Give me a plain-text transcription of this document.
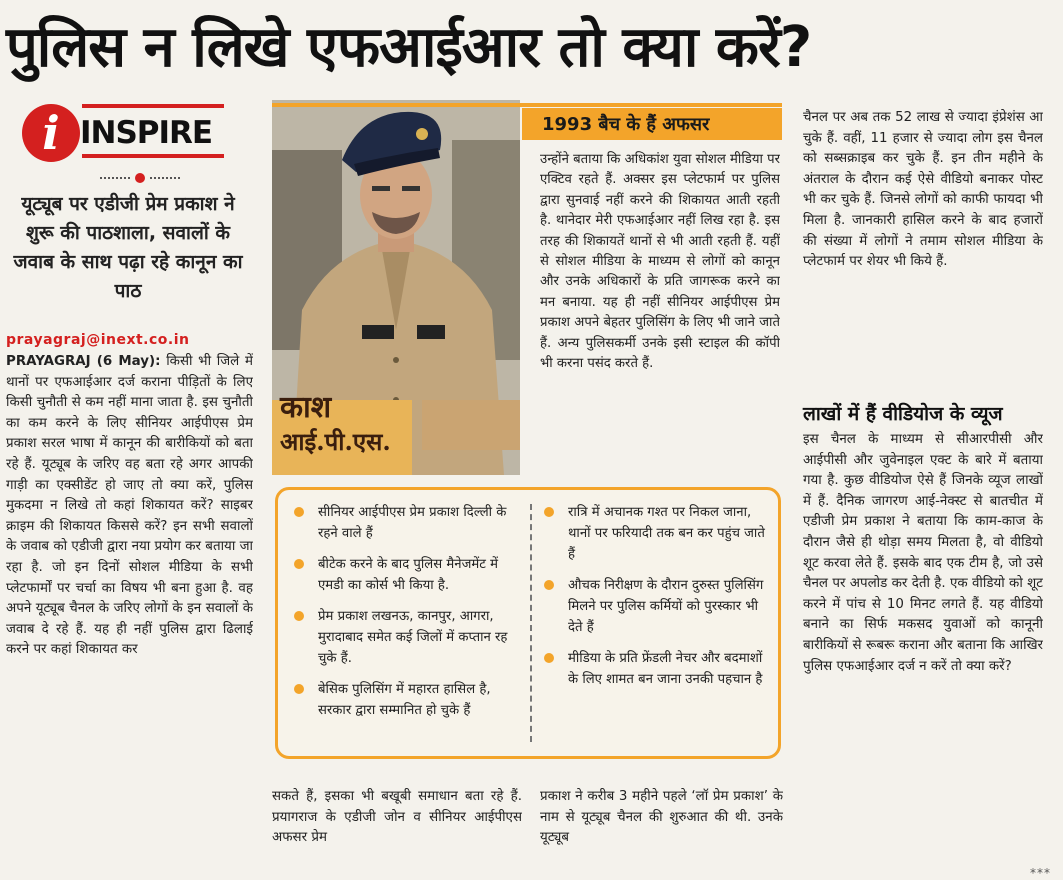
पुलिस न लिखे एफआईआर तो क्या करें?
i INSPIRE
यूट्यूब पर एडीजी प्रेम प्रकाश ने शुरू की पाठशाला, सवालों के जवाब के साथ पढ़ा रहे कानून का पाठ
prayagraj@inext.co.in
PRAYAGRAJ (6 May): किसी भी जिले में थानों पर एफआईआर दर्ज कराना पीड़ितों के लिए किसी चुनौती से कम नहीं माना जाता है. इस चुनौती का कम करने के लिए सीनियर आईपीएस प्रेम प्रकाश सरल भाषा में कानून की बारीकियों को बता रहे हैं. यूट्यूब के जरिए वह बता रहे अगर आपकी गाड़ी का एक्सीडेंट हो जाए तो क्या करें, पुलिस मुकदमा न लिखे तो कहां शिकायत करें? साइबर क्राइम की शिकायत किससे करें? इन सभी सवालों के जवाब को एडीजी द्वारा नया प्रयोग कर बताया जा रहा है. जो इन दिनों सोशल मीडिया के सभी प्लेटफार्मों पर चर्चा का विषय भी बना हुआ है. वह अपने यूट्यूब चैनल के जरिए लोगों के इन सवालों के जवाब दे रहे हैं. यह ही नहीं पुलिस द्वारा ढिलाई करने पर कहां शिकायत कर
काश
आई.पी.एस.
1993 बैच के हैं अफसर
उन्होंने बताया कि अधिकांश युवा सोशल मीडिया पर एक्टिव रहते हैं. अक्सर इस प्लेटफार्म पर पुलिस द्वारा सुनवाई नहीं करने की शिकायत आती रहती है. थानेदार मेरी एफआईआर नहीं लिख रहा है. इस तरह की शिकायतें थानों से भी आती रहती हैं. यहीं से सोशल मीडिया के माध्यम से लोगों को कानून और उनके अधिकारों के प्रति जागरूक करने का मन बनाया. यह ही नहीं सीनियर आईपीएस प्रेम प्रकाश अपने बेहतर पुलिसिंग के लिए भी जाने जाते हैं. अन्य पुलिसकर्मी उनके इसी स्टाइल की कॉपी भी करना पसंद करते हैं.
सीनियर आईपीएस प्रेम प्रकाश दिल्ली के रहने वाले हैं
बीटेक करने के बाद पुलिस मैनेजमेंट में एमडी का कोर्स भी किया है.
प्रेम प्रकाश लखनऊ, कानपुर, आगरा, मुरादाबाद समेत कई जिलों में कप्तान रह चुके हैं.
बेसिक पुलिसिंग में महारत हासिल है, सरकार द्वारा सम्मानित हो चुके हैं
रात्रि में अचानक गश्त पर निकल जाना, थानों पर फरियादी तक बन कर पहुंच जाते हैं
औचक निरीक्षण के दौरान दुरुस्त पुलिसिंग मिलने पर पुलिस कर्मियों को पुरस्कार भी देते हैं
मीडिया के प्रति फ्रेंडली नेचर और बदमाशों के लिए शामत बन जाना उनकी पहचान है
सकते हैं, इसका भी बखूबी समाधान बता रहे हैं. प्रयागराज के एडीजी जोन व सीनियर आईपीएस अफसर प्रेम
प्रकाश ने करीब 3 महीने पहले ‘लॉ प्रेम प्रकाश’ के नाम से यूट्यूब चैनल की शुरुआत की थी. उनके यूट्यूब
चैनल पर अब तक 52 लाख से ज्यादा इंप्रेशंस आ चुके हैं. वहीं, 11 हजार से ज्यादा लोग इस चैनल को सब्सक्राइब कर चुके हैं. इन तीन महीने के अंतराल के दौरान कई ऐसे वीडियो बनाकर पोस्ट भी कर चुके हैं. जिनसे लोगों को काफी फायदा भी मिला है. जानकारी हासिल करने के बाद हजारों की संख्या में लोगों ने तमाम सोशल मीडिया के प्लेटफार्म पर शेयर भी किये हैं.
लाखों में हैं वीडियोज के व्यूज
इस चैनल के माध्यम से सीआरपीसी और आईपीसी और जुवेनाइल एक्ट के बारे में बताया गया है. कुछ वीडियोज ऐसे हैं जिनके व्यूज लाखों में हैं. दैनिक जागरण आई-नेक्स्ट से बातचीत में एडीजी प्रेम प्रकाश ने बताया कि काम-काज के दौरान जैसे ही थोड़ा समय मिलता है, वो वीडियो शूट करवा लेते हैं. इसके बाद एक टीम है, जो उसे चैनल पर अपलोड कर देती है. एक वीडियो को शूट करने में पांच से 10 मिनट लगते हैं. यह वीडियो बनाने का सिर्फ मकसद युवाओं को कानूनी बारीकियों से रूबरू कराना और बताना कि आखिर पुलिस एफआईआर दर्ज न करें तो क्या करें?
***
